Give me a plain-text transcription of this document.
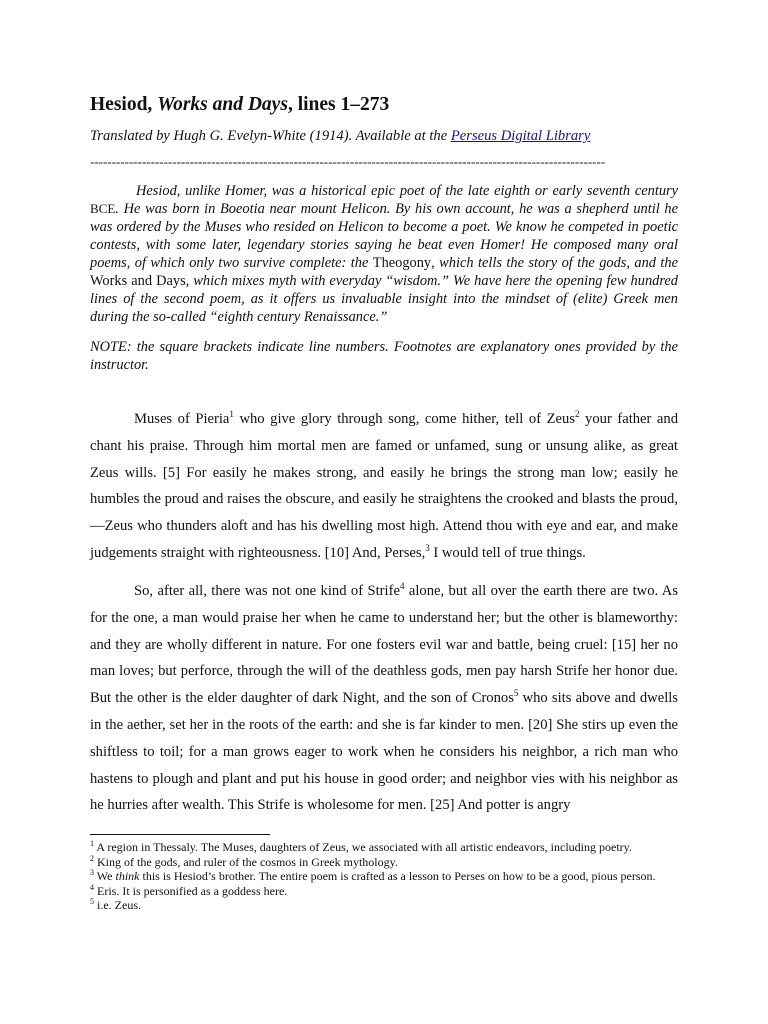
Hesiod, Works and Days, lines 1–273
Translated by Hugh G. Evelyn-White (1914). Available at the Perseus Digital Library
-----------------------------------------------------------------------------------------------------------------------

Hesiod, unlike Homer, was a historical epic poet of the late eighth or early seventh century BCE. He was born in Boeotia near mount Helicon. By his own account, he was a shepherd until he was ordered by the Muses who resided on Helicon to become a poet. We know he competed in poetic contests, with some later, legendary stories saying he beat even Homer! He composed many oral poems, of which only two survive complete: the Theogony, which tells the story of the gods, and the Works and Days, which mixes myth with everyday “wisdom.” We have here the opening few hundred lines of the second poem, as it offers us invaluable insight into the mindset of (elite) Greek men during the so-called “eighth century Renaissance.”

NOTE: the square brackets indicate line numbers. Footnotes are explanatory ones provided by the instructor.

Muses of Pieria$^1$ who give glory through song, come hither, tell of Zeus$^2$ your father and chant his praise. Through him mortal men are famed or unfamed, sung or unsung alike, as great Zeus wills. [5] For easily he makes strong, and easily he brings the strong man low; easily he humbles the proud and raises the obscure, and easily he straightens the crooked and blasts the proud,—Zeus who thunders aloft and has his dwelling most high. Attend thou with eye and ear, and make judgements straight with righteousness. [10] And, Perses,$^3$ I would tell of true things.

So, after all, there was not one kind of Strife$^4$ alone, but all over the earth there are two. As for the one, a man would praise her when he came to understand her; but the other is blameworthy: and they are wholly different in nature. For one fosters evil war and battle, being cruel: [15] her no man loves; but perforce, through the will of the deathless gods, men pay harsh Strife her honor due. But the other is the elder daughter of dark Night, and the son of Cronos$^5$ who sits above and dwells in the aether, set her in the roots of the earth: and she is far kinder to men. [20] She stirs up even the shiftless to toil; for a man grows eager to work when he considers his neighbor, a rich man who hastens to plough and plant and put his house in good order; and neighbor vies with his neighbor as he hurries after wealth. This Strife is wholesome for men. [25] And potter is angry

$^1$ A region in Thessaly. The Muses, daughters of Zeus, we associated with all artistic endeavors, including poetry.

$^2$ King of the gods, and ruler of the cosmos in Greek mythology.

$^3$ We think this is Hesiod’s brother. The entire poem is crafted as a lesson to Perses on how to be a good, pious person.

$^4$ Eris. It is personified as a goddess here.

$^5$ i.e. Zeus.
